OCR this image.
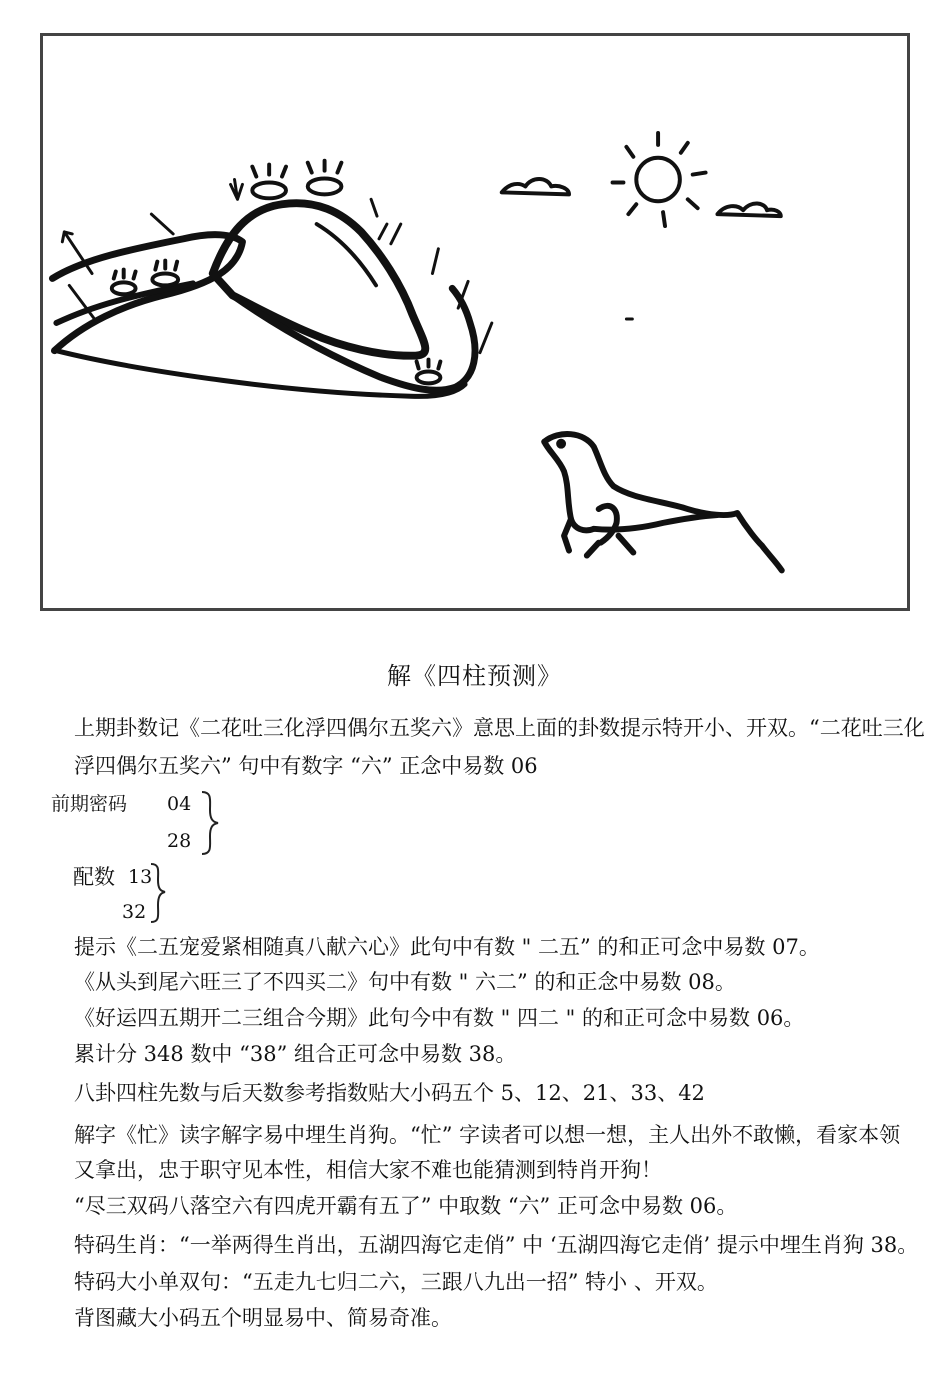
解《四柱预测》
上期卦数记《二花吐三化浮四偶尔五奖六》意思上面的卦数提示特开小、开双。“二花吐三化
浮四偶尔五奖六” 句中有数字 “六” 正念中易数 06
前期密码 04
28
配数 13
32
提示《二五宠爱紧相随真八献六心》此句中有数 " 二五” 的和正可念中易数 07。
《从头到尾六旺三了不四买二》句中有数 " 六二” 的和正念中易数 08。
《好运四五期开二三组合今期》此句今中有数 " 四二 " 的和正可念中易数 06。
累计分 348 数中 “38” 组合正可念中易数 38。
八卦四柱先数与后天数参考指数贴大小码五个 5、12、21、33、42
解字《忙》读字解字易中埋生肖狗。“忙” 字读者可以想一想，主人出外不敢懒，看家本领
又拿出，忠于职守见本性，相信大家不难也能猜测到特肖开狗！
“尽三双码八落空六有四虎开霸有五了” 中取数 “六” 正可念中易数 06。
特码生肖：“一举两得生肖出，五湖四海它走俏” 中 ‘五湖四海它走俏’ 提示中埋生肖狗 38。
特码大小单双句：“五走九七归二六，三跟八九出一招” 特小 、开双。
背图藏大小码五个明显易中、简易奇准。
